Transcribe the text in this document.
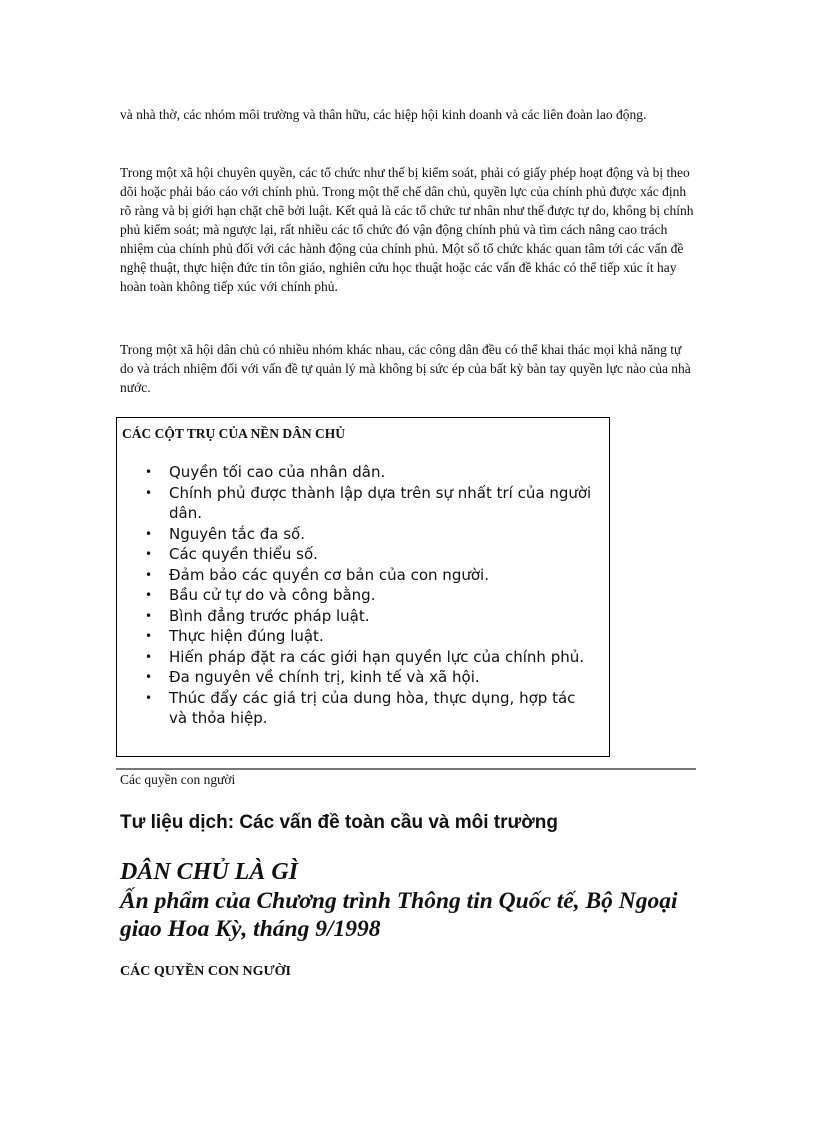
và nhà thờ, các nhóm môi trường và thân hữu, các hiệp hội kinh doanh và các liên đoàn lao động.

Trong một xã hội chuyên quyền, các tổ chức như thế bị kiểm soát, phải có giấy phép hoạt động và bị theo dõi hoặc phải báo cáo với chính phủ. Trong một thể chế dân chủ, quyền lực của chính phủ được xác định rõ ràng và bị giới hạn chặt chẽ bởi luật. Kết quả là các tổ chức tư nhân như thế được tự do, không bị chính phủ kiểm soát; mà ngược lại, rất nhiều các tổ chức đó vận động chính phủ và tìm cách nâng cao trách nhiệm của chính phủ đối với các hành động của chính phủ. Một số tổ chức khác quan tâm tới các vấn đề nghệ thuật, thực hiện đức tin tôn giáo, nghiên cứu học thuật hoặc các vấn đề khác có thể tiếp xúc ít hay hoàn toàn không tiếp xúc với chính phủ.

Trong một xã hội dân chủ có nhiều nhóm khác nhau, các công dân đều có thể khai thác mọi khả năng tự do và trách nhiệm đối với vấn đề tự quản lý mà không bị sức ép của bất kỳ bàn tay quyền lực nào của nhà nước.

CÁC CỘT TRỤ CỦA NỀN DÂN CHỦ

• Quyền tối cao của nhân dân.
• Chính phủ được thành lập dựa trên sự nhất trí của người dân.
• Nguyên tắc đa số.
• Các quyền thiểu số.
• Đảm bảo các quyền cơ bản của con người.
• Bầu cử tự do và công bằng.
• Bình đẳng trước pháp luật.
• Thực hiện đúng luật.
• Hiến pháp đặt ra các giới hạn quyền lực của chính phủ.
• Đa nguyên về chính trị, kinh tế và xã hội.
• Thúc đẩy các giá trị của dung hòa, thực dụng, hợp tác và thỏa hiệp.

Các quyền con người

Tư liệu dịch: Các vấn đề toàn cầu và môi trường

DÂN CHỦ LÀ GÌ

Ấn phẩm của Chương trình Thông tin Quốc tế, Bộ Ngoại giao Hoa Kỳ, tháng 9/1998

CÁC QUYỀN CON NGƯỜI
